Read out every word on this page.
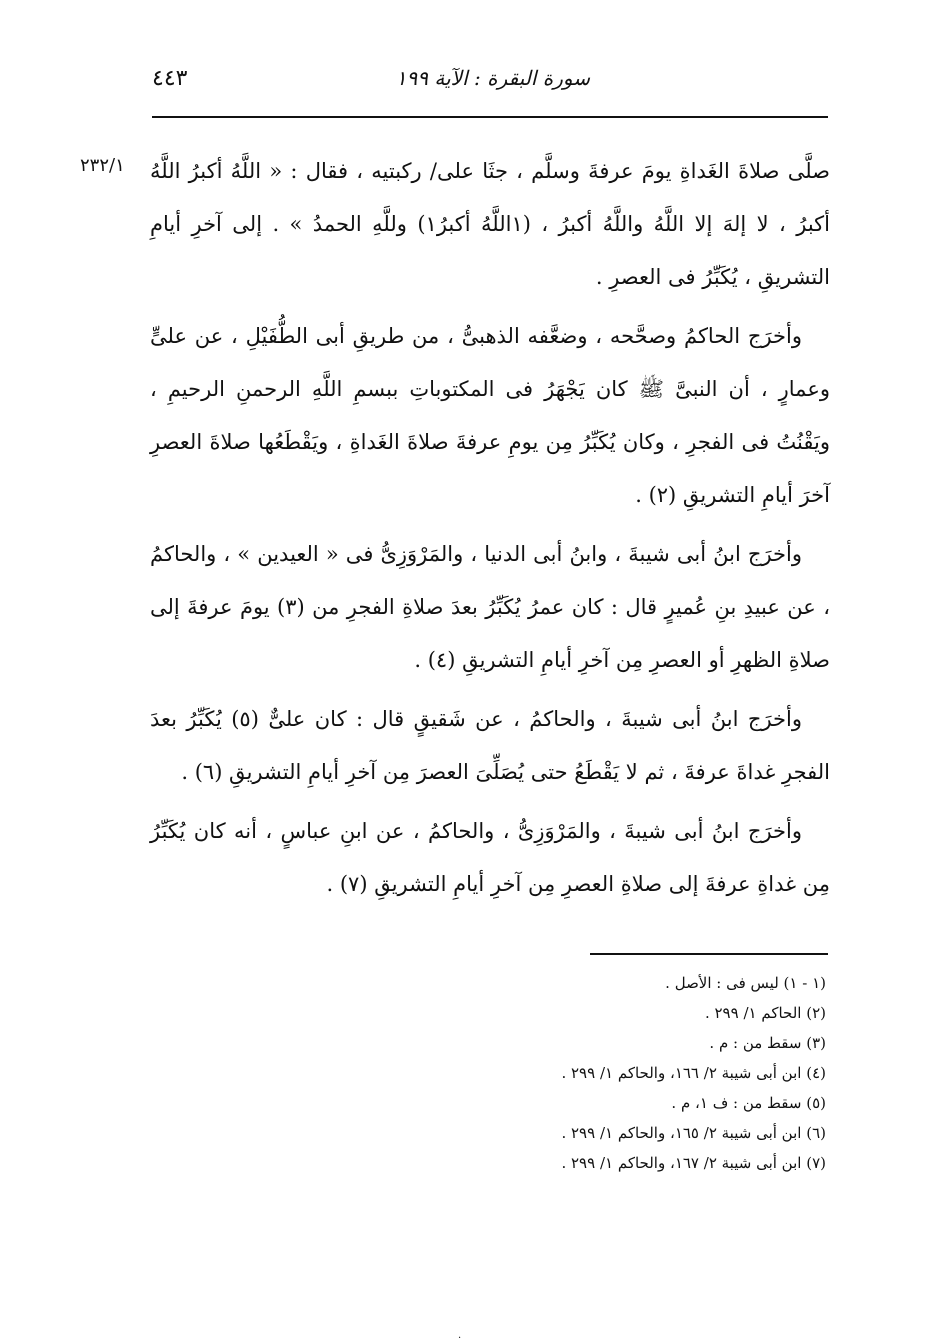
سورة البقرة : الآية ١٩٩
٤٤٣
٢٣٢/١ صلَّى صلاةَ الغَداةِ يومَ عرفةَ وسلَّم ، جثَا على/ ركبتيه ، فقال : « اللَّهُ أكبرُ اللَّهُ أكبرُ ، لا إلهَ إلا اللَّهُ واللَّهُ أكبرُ ، (١اللَّهُ أكبرُ١) وللَّهِ الحمدُ » . إلى آخرِ أيامِ التشريقِ ، يُكَبِّرُ فى العصرِ .

وأخرَج الحاكمُ وصحَّحه ، وضعَّفه الذهبىُّ ، من طريقِ أبى الطُّفَيْلِ ، عن علىٍّ وعمارٍ ، أن النبىَّ ﷺ كان يَجْهَرُ فى المكتوباتِ ببسمِ اللَّهِ الرحمنِ الرحيمِ ، ويَقْنُتُ فى الفجرِ ، وكان يُكَبِّرُ مِن يومِ عرفةَ صلاةَ الغَداةِ ، ويَقْطَعُها صلاةَ العصرِ آخرَ أيامِ التشريقِ (٢) .

وأخرَج ابنُ أبى شيبةَ ، وابنُ أبى الدنيا ، والمَرْوَزِىُّ فى « العيدين » ، والحاكمُ ، عن عبيدِ بنِ عُميرٍ قال : كان عمرُ يُكَبِّرُ بعدَ صلاةِ الفجرِ من (٣) يومَ عرفةَ إلى صلاةِ الظهرِ أو العصرِ مِن آخرِ أيامِ التشريقِ (٤) .

وأخرَج ابنُ أبى شيبةَ ، والحاكمُ ، عن شَقيقٍ قال : كان علىٌّ (٥) يُكَبِّرُ بعدَ الفجرِ غداةَ عرفةَ ، ثم لا يَقْطَعُ حتى يُصَلِّىَ العصرَ مِن آخرِ أيامِ التشريقِ (٦) .

وأخرَج ابنُ أبى شيبةَ ، والمَرْوَزِىُّ ، والحاكمُ ، عن ابنِ عباسٍ ، أنه كان يُكَبِّرُ مِن غداةِ عرفةَ إلى صلاةِ العصرِ مِن آخرِ أيامِ التشريقِ (٧) .

(١ - ١) ليس فى : الأصل .
(٢) الحاكم ١/ ٢٩٩ .
(٣) سقط من : م .
(٤) ابن أبى شيبة ٢/ ١٦٦، والحاكم ١/ ٢٩٩ .
(٥) سقط من : ف ١، م .
(٦) ابن أبى شيبة ٢/ ١٦٥، والحاكم ١/ ٢٩٩ .
(٧) ابن أبى شيبة ٢/ ١٦٧، والحاكم ١/ ٢٩٩ .
.
